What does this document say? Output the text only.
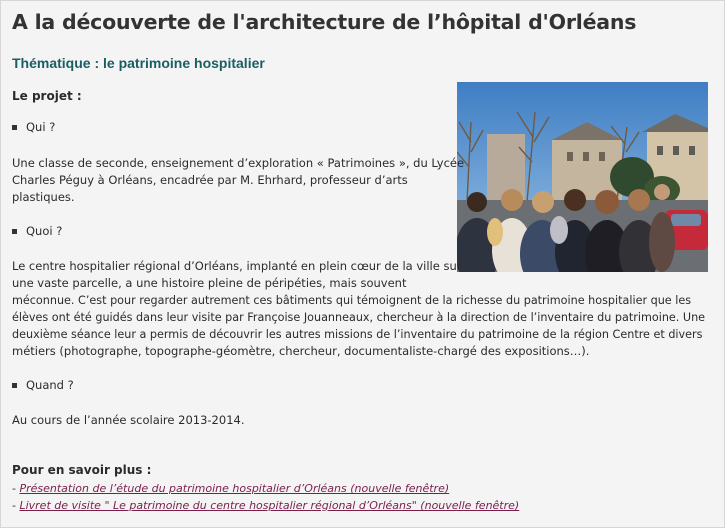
A la découverte de l'architecture de l’hôpital d'Orléans
Thématique : le patrimoine hospitalier
Le projet :
Qui ?
Une classe de seconde, enseignement d’exploration « Patrimoines », du Lycée
Charles Péguy à Orléans, encadrée par M. Ehrhard, professeur d’arts
plastiques.
Quoi ?
Le centre hospitalier régional d’Orléans, implanté en plein cœur de la ville sur
une vaste parcelle, a une histoire pleine de péripéties, mais souvent
méconnue. C’est pour regarder autrement ces bâtiments qui témoignent de la richesse du patrimoine hospitalier que les
élèves ont été guidés dans leur visite par Françoise Jouanneaux, chercheur à la direction de l’inventaire du patrimoine. Une
deuxième séance leur a permis de découvrir les autres missions de l’inventaire du patrimoine de la région Centre et divers
métiers (photographe, topographe-géomètre, chercheur, documentaliste-chargé des expositions…).
Quand ?
Au cours de l’année scolaire 2013-2014.
Pour en savoir plus :
- Présentation de l’étude du patrimoine hospitalier d’Orléans (nouvelle fenêtre)
- Livret de visite " Le patrimoine du centre hospitalier régional d’Orléans" (nouvelle fenêtre)
